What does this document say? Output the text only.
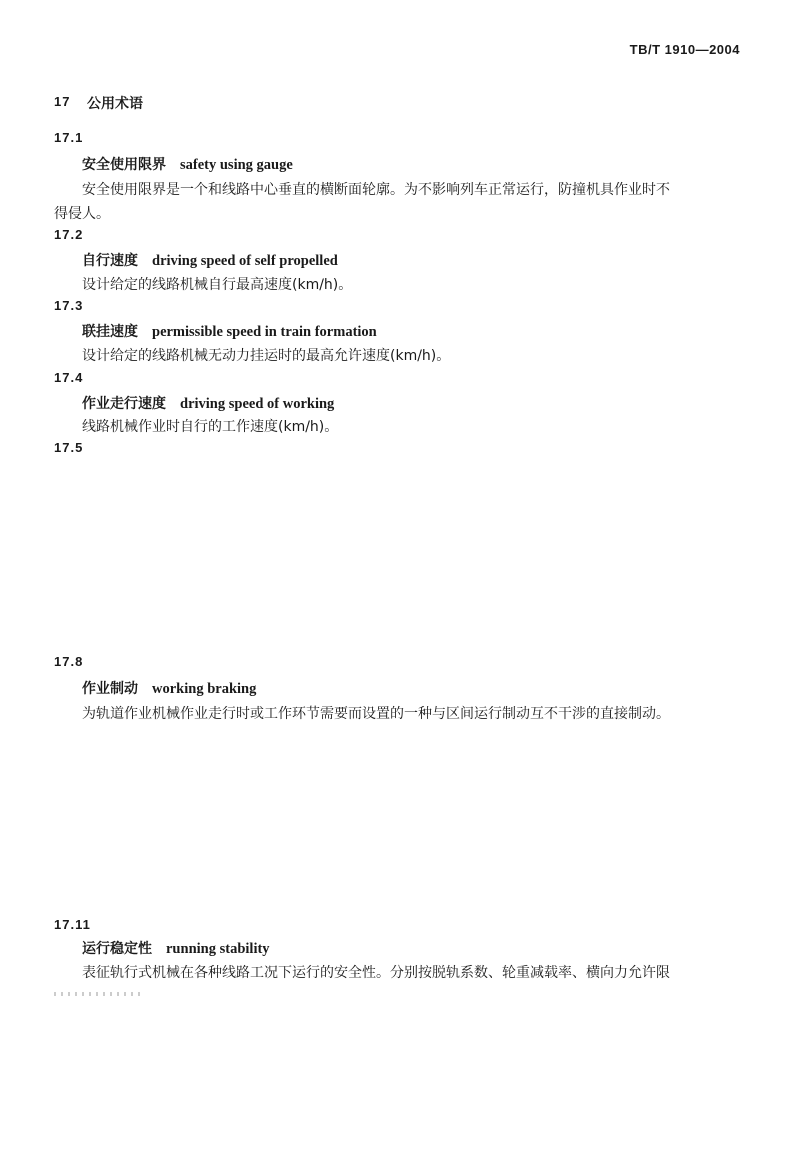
TB/T 1910—2004
17 公用术语
17.1
安全使用限界 safety using gauge
安全使用限界是一个和线路中心垂直的横断面轮廓。为不影响列车正常运行，防撞机具作业时不
得侵人。
17.2
自行速度 driving speed of self propelled
设计给定的线路机械自行最高速度(km/h)。
17.3
联挂速度 permissible speed in train formation
设计给定的线路机械无动力挂运时的最高允许速度(km/h)。
17.4
作业走行速度 driving speed of working
线路机械作业时自行的工作速度(km/h)。
17.5
17.8
作业制动 working braking
为轨道作业机械作业走行时或工作环节需要而设置的一种与区间运行制动互不干涉的直接制动。
17.11
运行稳定性 running stability
表征轨行式机械在各种线路工况下运行的安全性。分别按脱轨系数、轮重减载率、横向力允许限
